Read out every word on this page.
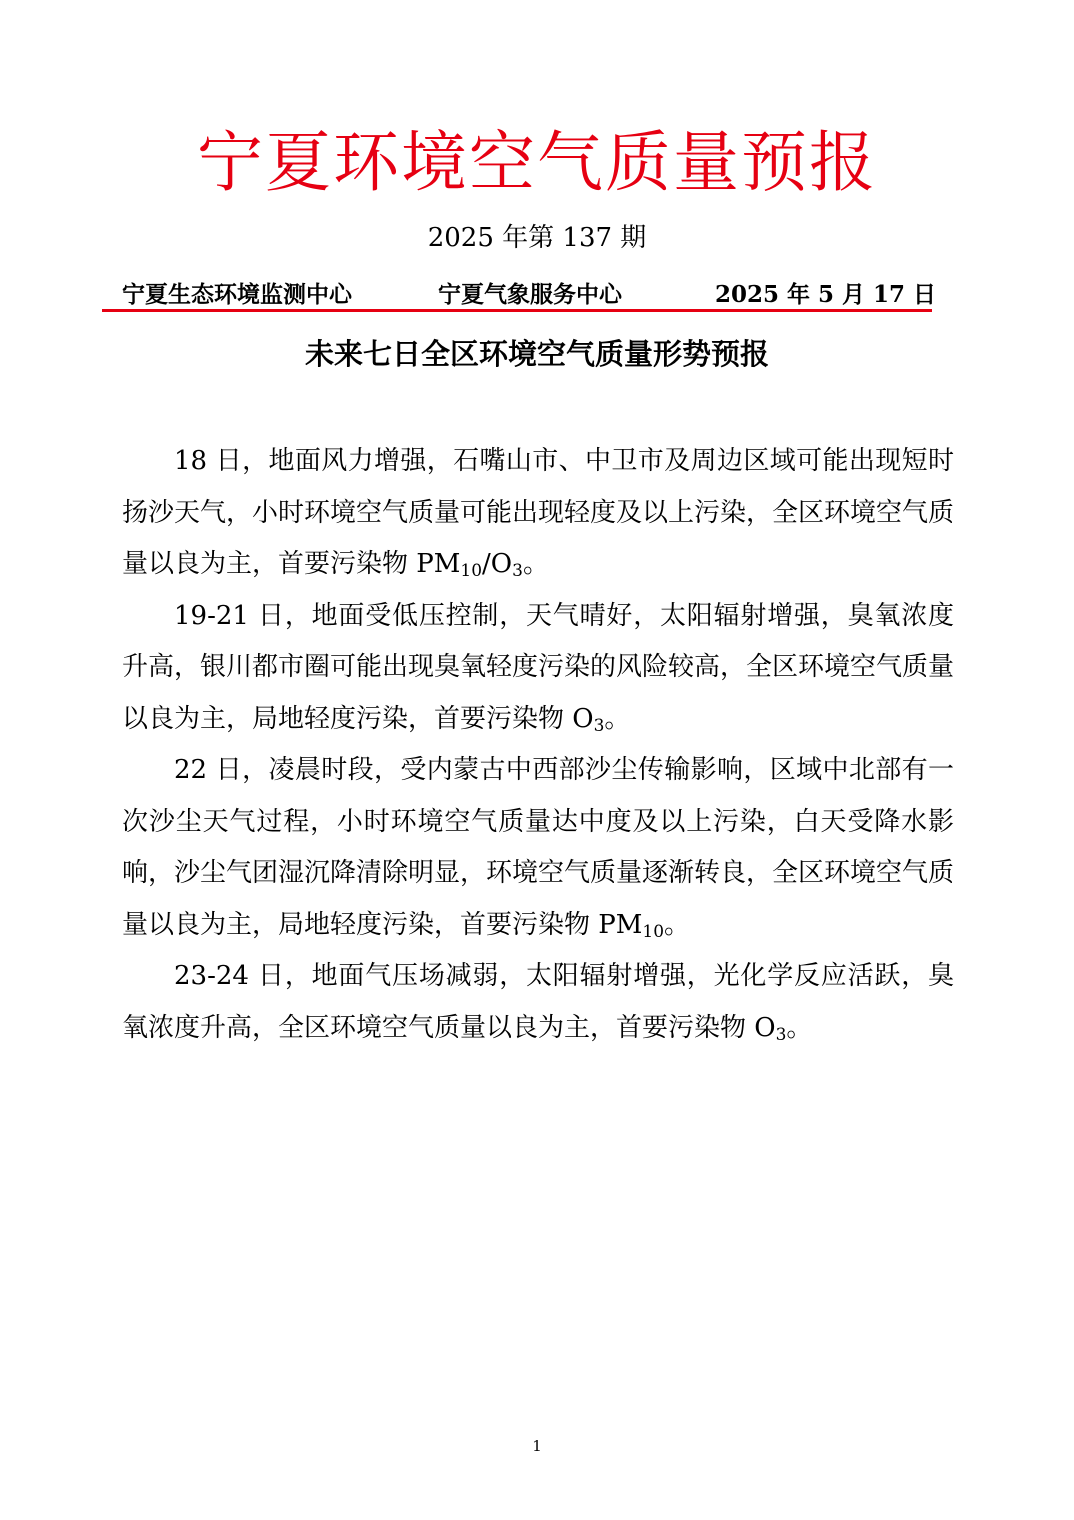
宁夏环境空气质量预报
2025 年第 137 期
宁夏生态环境监测中心	宁夏气象服务中心	2025 年 5 月 17 日
未来七日全区环境空气质量形势预报

18 日，地面风力增强，石嘴山市、中卫市及周边区域可能出现短时扬沙天气，小时环境空气质量可能出现轻度及以上污染，全区环境空气质量以良为主，首要污染物 $PM_{10}/O_3$。

19-21 日，地面受低压控制，天气晴好，太阳辐射增强，臭氧浓度升高，银川都市圈可能出现臭氧轻度污染的风险较高，全区环境空气质量以良为主，局地轻度污染，首要污染物 $O_3$。

22 日，凌晨时段，受内蒙古中西部沙尘传输影响，区域中北部有一次沙尘天气过程，小时环境空气质量达中度及以上污染，白天受降水影响，沙尘气团湿沉降清除明显，环境空气质量逐渐转良，全区环境空气质量以良为主，局地轻度污染，首要污染物 $PM_{10}$。

23-24 日，地面气压场减弱，太阳辐射增强，光化学反应活跃，臭氧浓度升高，全区环境空气质量以良为主，首要污染物 $O_3$。

1
